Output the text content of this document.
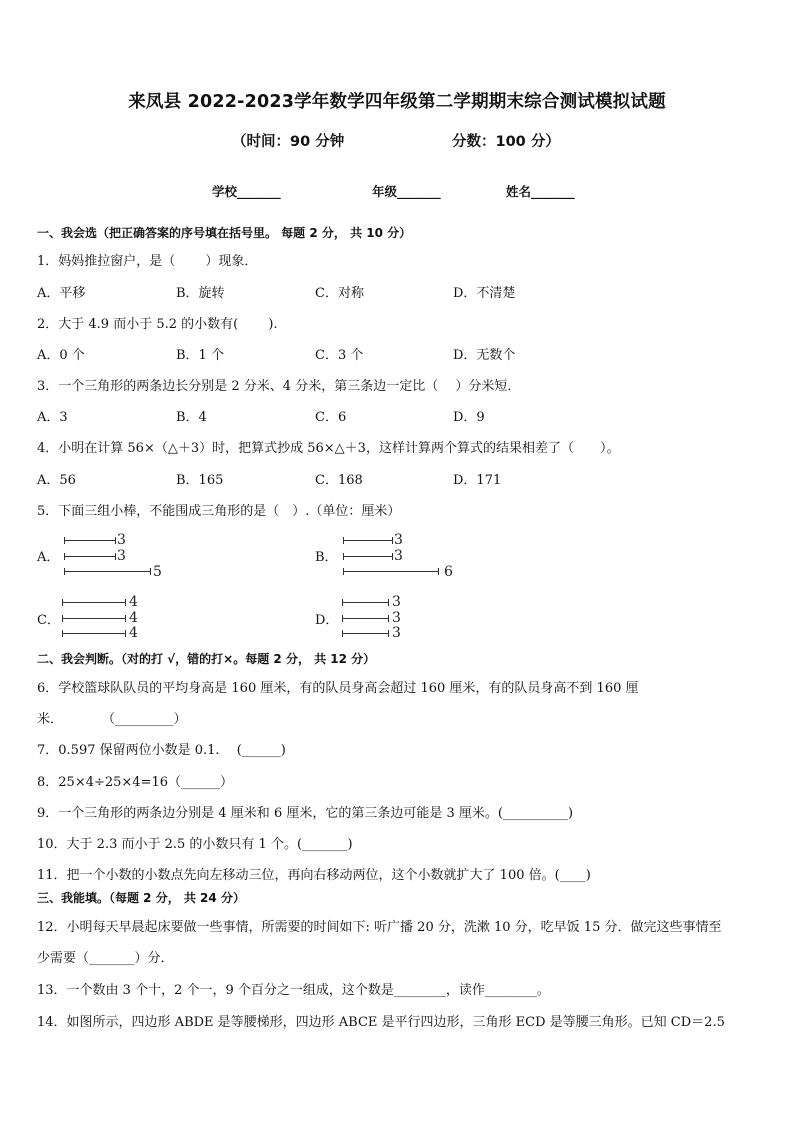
来凤县 2022-2023学年数学四年级第二学期期末综合测试模拟试题
（时间：90 分钟	分数：100 分）
学校_______	年级_______	姓名_______
一、我会选（把正确答案的序号填在括号里。 每题 2 分， 共 10 分）
1．妈妈推拉窗户，是（　　 ）现象．
A．平移	B．旋转	C．对称	D．不清楚
2．大于 4.9 而小于 5.2 的小数有(　　 ).
A．0 个	B．1 个	C．3 个	D．无数个
3．一个三角形的两条边长分别是 2 分米、4 分米，第三条边一定比（　 ）分米短．
A．3	B．4	C．6	D．9
4．小明在计算 56×（△＋3）时，把算式抄成 56×△＋3，这样计算两个算式的结果相差了（　　）。
A．56	B．165	C．168	D．171
5．下面三组小棒，不能围成三角形的是（　）.（单位：厘米）
A．
3
3
5
B．
3
3
6
C．
4
4
4
D．
3
3
3
二、我会判断。（对的打 √，错的打×。每题 2 分， 共 12 分）
6．学校篮球队队员的平均身高是 160 厘米，有的队员身高会超过 160 厘米，有的队员身高不到 160 厘
米．　　　　（_________）
7．0.597 保留两位小数是 0.1.　 (______)
8．25×4÷25×4=16（______）
9．一个三角形的两条边分别是 4 厘米和 6 厘米，它的第三条边可能是 3 厘米。(__________)
10．大于 2.3 而小于 2.5 的小数只有 1 个。(_______)
11．把一个小数的小数点先向左移动三位，再向右移动两位，这个小数就扩大了 100 倍。(____)
三、我能填。（每题 2 分， 共 24 分）
12．小明每天早晨起床要做一些事情，所需要的时间如下: 听广播 20 分，洗漱 10 分，吃早饭 15 分．做完这些事情至
少需要（_______）分．
13．一个数由 3 个十，2 个一，9 个百分之一组成，这个数是________，读作________。
14．如图所示，四边形 ABDE 是等腰梯形，四边形 ABCE 是平行四边形，三角形 ECD 是等腰三角形。已知 CD＝2.5
